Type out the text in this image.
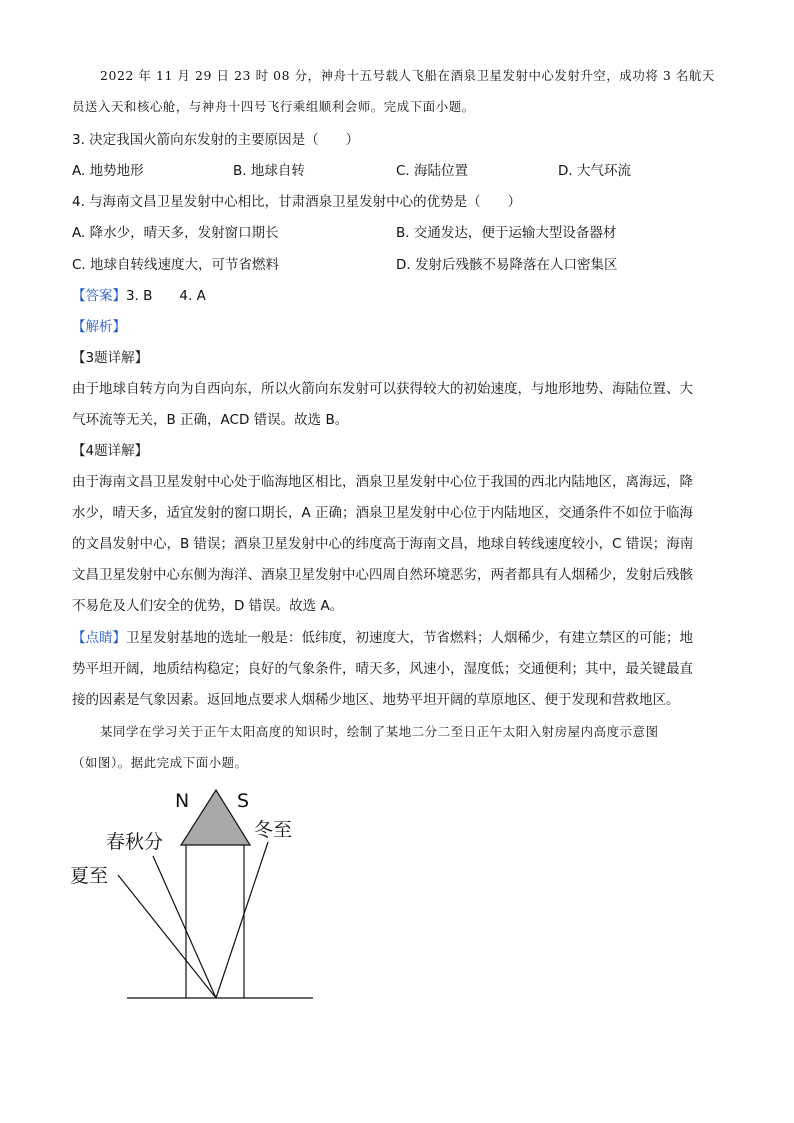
2022 年 11 月 29 日 23 时 08 分，神舟十五号载人飞船在酒泉卫星发射中心发射升空，成功将 3 名航天
员送入天和核心舱，与神舟十四号飞行乘组顺利会师。完成下面小题。
3. 决定我国火箭向东发射的主要原因是（　　）
A. 地势地形	B. 地球自转	C. 海陆位置	D. 大气环流
4. 与海南文昌卫星发射中心相比，甘肃酒泉卫星发射中心的优势是（　　）
A. 降水少，晴天多，发射窗口期长	B. 交通发达，便于运输大型设备器材
C. 地球自转线速度大，可节省燃料	D. 发射后残骸不易降落在人口密集区
【答案】3. B　　4. A
【解析】
【3题详解】
由于地球自转方向为自西向东，所以火箭向东发射可以获得较大的初始速度，与地形地势、海陆位置、大
气环流等无关，B 正确，ACD 错误。故选 B。
【4题详解】
由于海南文昌卫星发射中心处于临海地区相比，酒泉卫星发射中心位于我国的西北内陆地区，离海远，降
水少，晴天多，适宜发射的窗口期长，A 正确；酒泉卫星发射中心位于内陆地区，交通条件不如位于临海
的文昌发射中心，B 错误；酒泉卫星发射中心的纬度高于海南文昌，地球自转线速度较小，C 错误；海南
文昌卫星发射中心东侧为海洋、酒泉卫星发射中心四周自然环境恶劣，两者都具有人烟稀少，发射后残骸
不易危及人们安全的优势，D 错误。故选 A。
【点睛】卫星发射基地的选址一般是：低纬度，初速度大，节省燃料；人烟稀少，有建立禁区的可能；地
势平坦开阔，地质结构稳定；良好的气象条件，晴天多，风速小，湿度低；交通便利；其中，最关键最直
接的因素是气象因素。返回地点要求人烟稀少地区、地势平坦开阔的草原地区、便于发现和营救地区。
某同学在学习关于正午太阳高度的知识时，绘制了某地二分二至日正午太阳入射房屋内高度示意图
（如图）。据此完成下面小题。
N	S
春秋分
冬至
夏至
